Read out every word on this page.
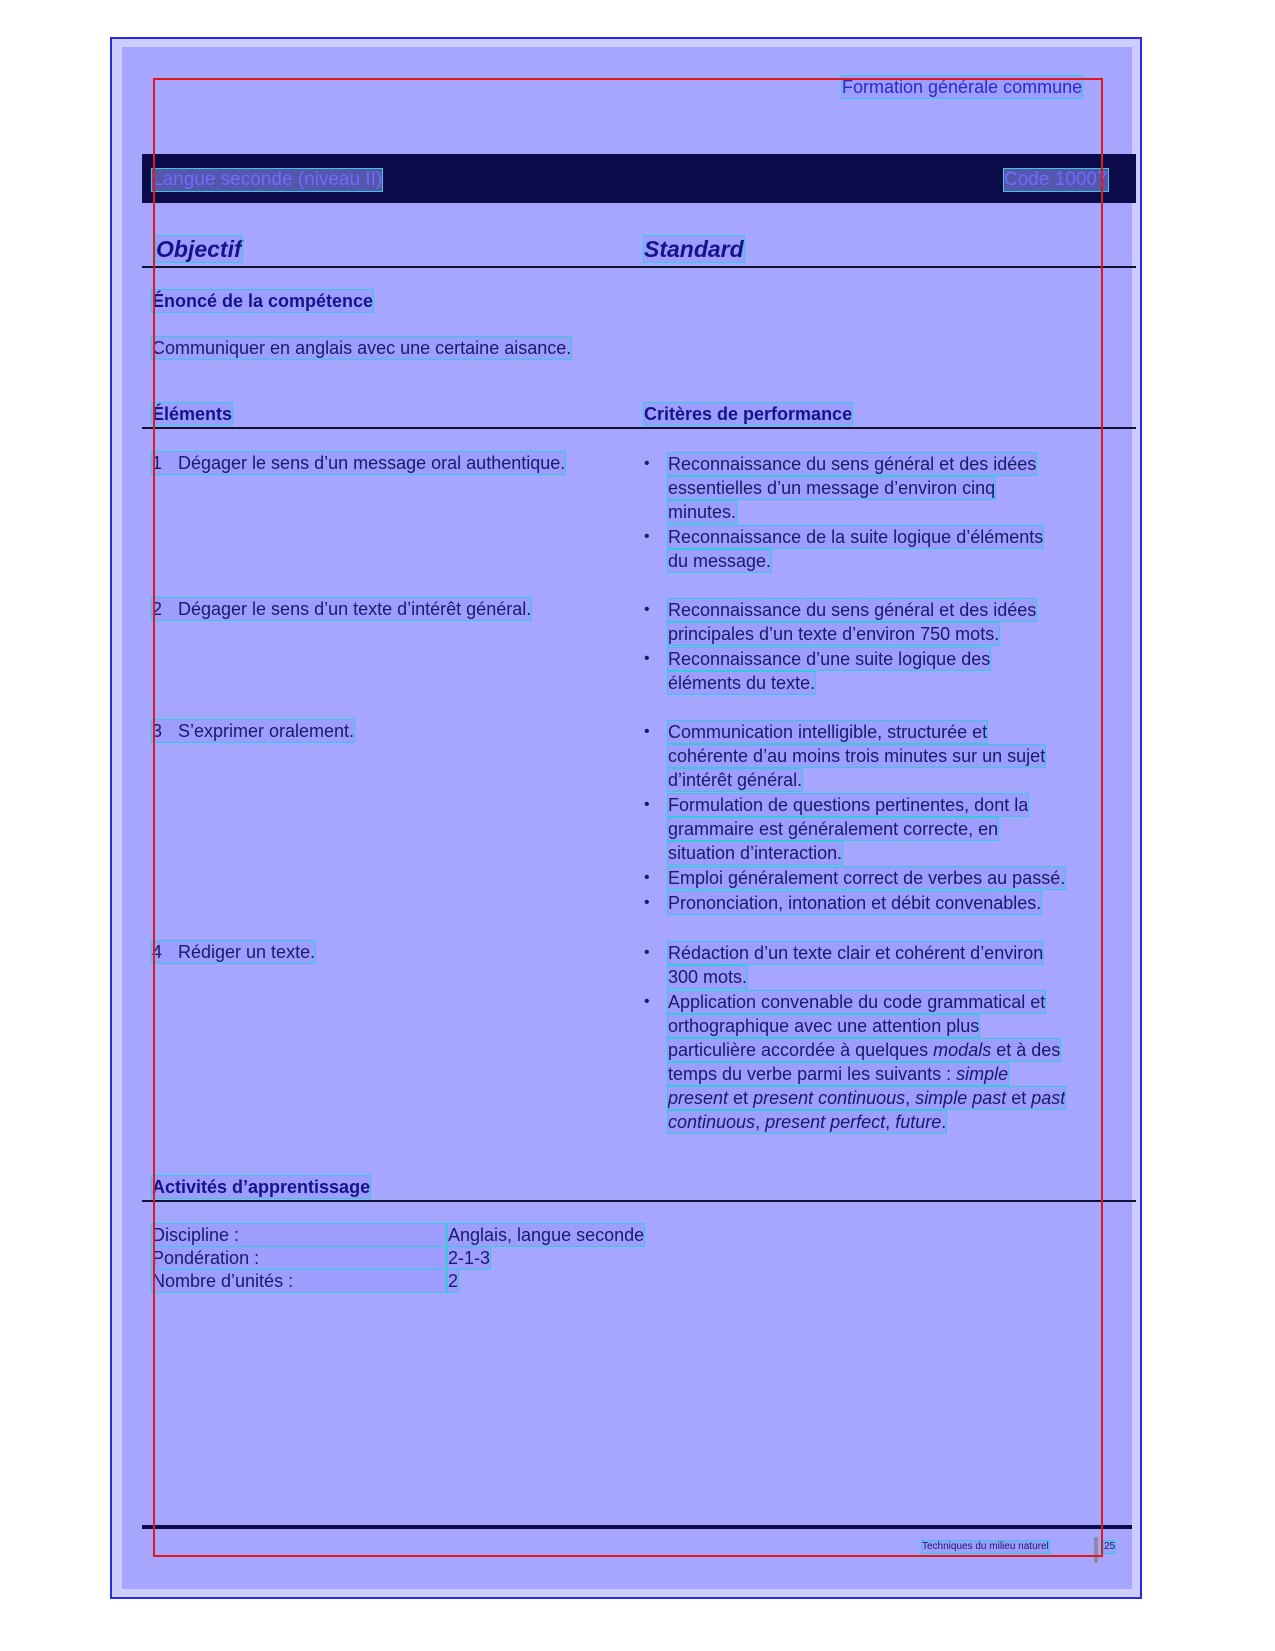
Formation générale commune
Langue seconde (niveau II)	Code 10007
Objectif	Standard
Énoncé de la compétence
Communiquer en anglais avec une certaine aisance.
Éléments	Critères de performance
1 Dégager le sens d’un message oral authentique.	• Reconnaissance du sens général et des idées
essentielles d’un message d’environ cinq
minutes.
• Reconnaissance de la suite logique d’éléments
du message.
2 Dégager le sens d’un texte d’intérêt général.	• Reconnaissance du sens général et des idées
principales d’un texte d’environ 750 mots.
• Reconnaissance d’une suite logique des
éléments du texte.
3 S’exprimer oralement.	• Communication intelligible, structurée et
cohérente d’au moins trois minutes sur un sujet
d’intérêt général.
• Formulation de questions pertinentes, dont la
grammaire est généralement correcte, en
situation d’interaction.
• Emploi généralement correct de verbes au passé.
• Prononciation, intonation et débit convenables.
4 Rédiger un texte.	• Rédaction d’un texte clair et cohérent d’environ
300 mots.
• Application convenable du code grammatical et
orthographique avec une attention plus
particulière accordée à quelques modals et à des
temps du verbe parmi les suivants : simple
present et present continuous, simple past et past
continuous, present perfect, future.
Activités d’apprentissage
Discipline :	Anglais, langue seconde
Pondération :	2-1-3
Nombre d’unités :	2
Techniques du milieu naturel	25
